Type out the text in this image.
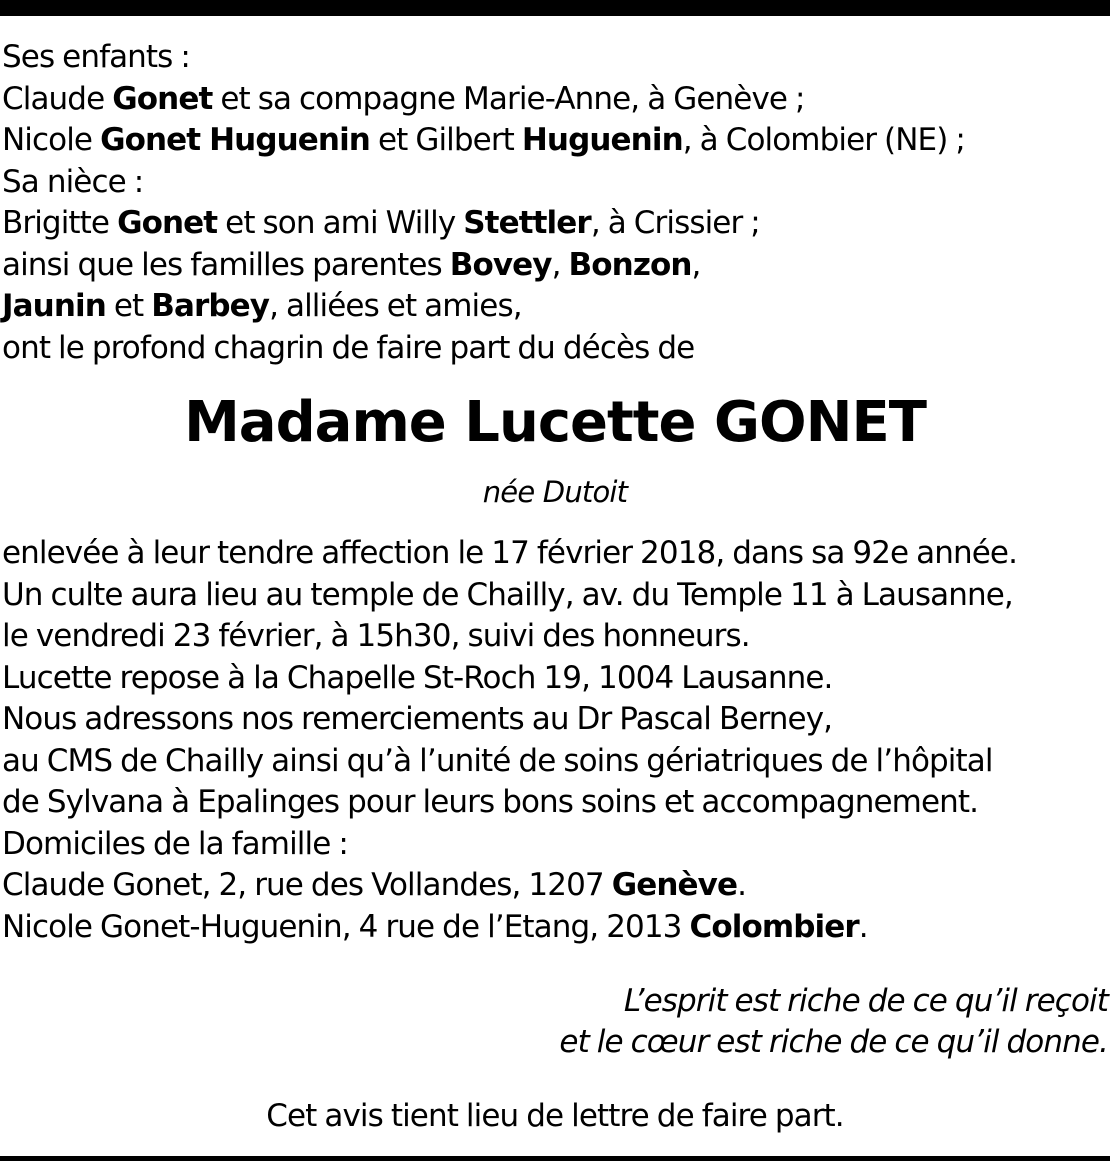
Ses enfants :
Claude Gonet et sa compagne Marie-Anne, à Genève ;
Nicole Gonet Huguenin et Gilbert Huguenin, à Colombier (NE) ;
Sa nièce :
Brigitte Gonet et son ami Willy Stettler, à Crissier ;
ainsi que les familles parentes Bovey, Bonzon,
Jaunin et Barbey, alliées et amies,
ont le profond chagrin de faire part du décès de
Madame Lucette GONET
née Dutoit
enlevée à leur tendre affection le 17 février 2018, dans sa 92e année.
Un culte aura lieu au temple de Chailly, av. du Temple 11 à Lausanne,
le vendredi 23 février, à 15h30, suivi des honneurs.
Lucette repose à la Chapelle St-Roch 19, 1004 Lausanne.
Nous adressons nos remerciements au Dr Pascal Berney,
au CMS de Chailly ainsi qu’à l’unité de soins gériatriques de l’hôpital
de Sylvana à Epalinges pour leurs bons soins et accompagnement.
Domiciles de la famille :
Claude Gonet, 2, rue des Vollandes, 1207 Genève.
Nicole Gonet-Huguenin, 4 rue de l’Etang, 2013 Colombier.
L’esprit est riche de ce qu’il reçoit
et le cœur est riche de ce qu’il donne.
Cet avis tient lieu de lettre de faire part.
